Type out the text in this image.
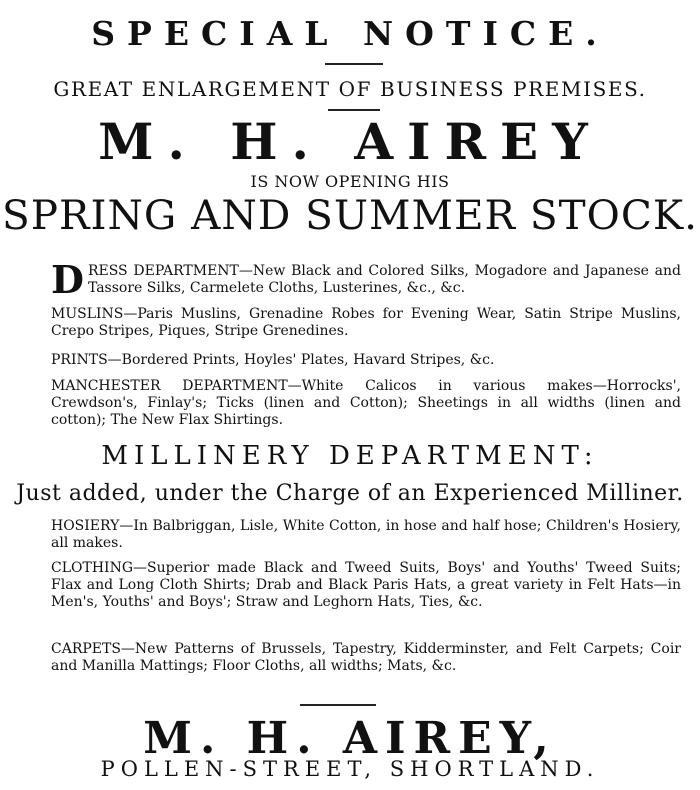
SPECIAL NOTICE.
GREAT ENLARGEMENT OF BUSINESS PREMISES.
M. H. AIREY
IS NOW OPENING HIS
SPRING AND SUMMER STOCK.
D RESS DEPARTMENT—New Black and Colored Silks, Mogadore and Japanese and Tassore Silks, Carmelete Cloths, Lusterines, &c., &c.
MUSLINS—Paris Muslins, Grenadine Robes for Evening Wear, Satin Stripe Muslins, Crepo Stripes, Piques, Stripe Grenedines.
PRINTS—Bordered Prints, Hoyles' Plates, Havard Stripes, &c.
MANCHESTER DEPARTMENT—White Calicos in various makes—Horrocks', Crewdson's, Finlay's; Ticks (linen and Cotton); Sheetings in all widths (linen and cotton); The New Flax Shirtings.
MILLINERY DEPARTMENT:
Just added, under the Charge of an Experienced Milliner.
HOSIERY—In Balbriggan, Lisle, White Cotton, in hose and half hose; Children's Hosiery, all makes.
CLOTHING—Superior made Black and Tweed Suits, Boys' and Youths' Tweed Suits; Flax and Long Cloth Shirts; Drab and Black Paris Hats, a great variety in Felt Hats—in Men's, Youths' and Boys'; Straw and Leghorn Hats, Ties, &c.
CARPETS—New Patterns of Brussels, Tapestry, Kidderminster, and Felt Carpets; Coir and Manilla Mattings; Floor Cloths, all widths; Mats, &c.
M. H. AIREY,
POLLEN-STREET, SHORTLAND.
